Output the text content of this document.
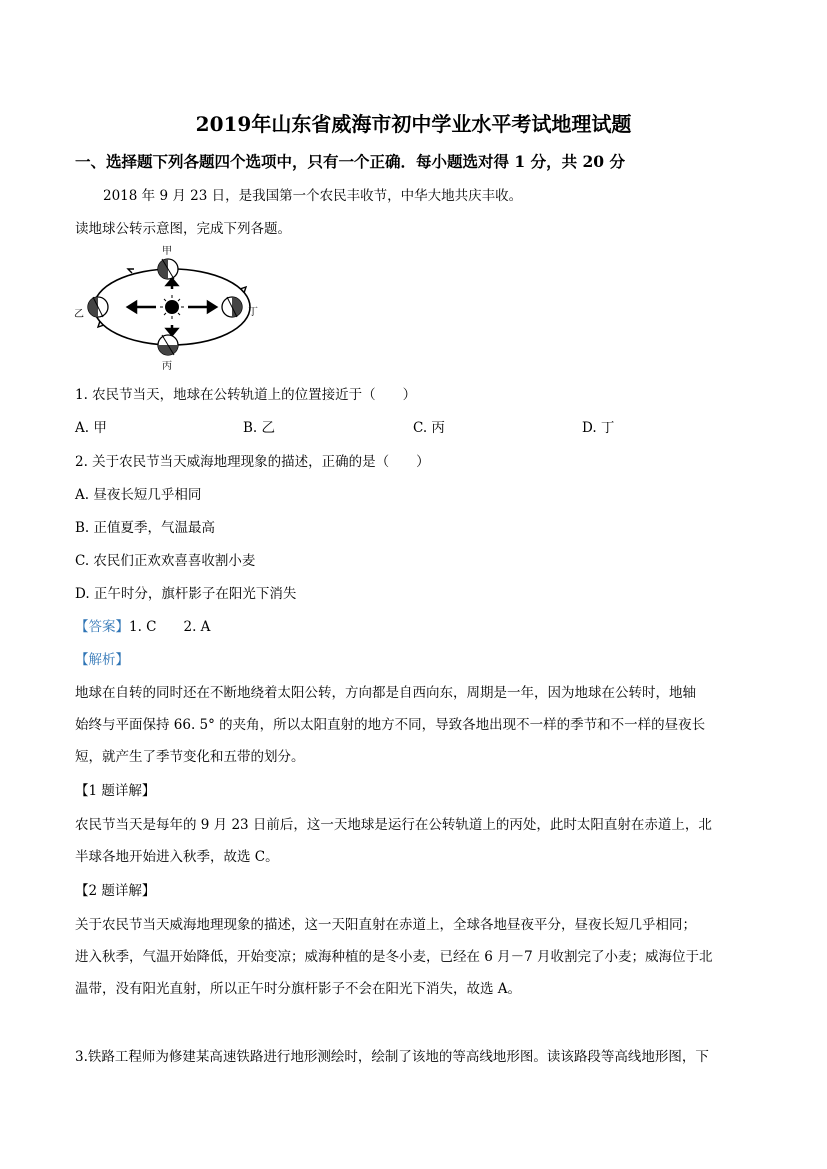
2019年山东省威海市初中学业水平考试地理试题
一、选择题下列各题四个选项中，只有一个正确．每小题选对得 1 分，共 20 分
2018 年 9 月 23 日，是我国第一个农民丰收节，中华大地共庆丰收。
读地球公转示意图，完成下列各题。
甲
乙
丙
丁
1. 农民节当天，地球在公转轨道上的位置接近于（　　）
A. 甲	B. 乙	C. 丙	D. 丁
2. 关于农民节当天威海地理现象的描述，正确的是（　　）
A. 昼夜长短几乎相同
B. 正值夏季，气温最高
C. 农民们正欢欢喜喜收割小麦
D. 正午时分，旗杆影子在阳光下消失
【答案】1. C　　2. A
【解析】
地球在自转的同时还在不断地绕着太阳公转，方向都是自西向东，周期是一年，因为地球在公转时，地轴
始终与平面保持 66. 5° 的夹角，所以太阳直射的地方不同，导致各地出现不一样的季节和不一样的昼夜长
短，就产生了季节变化和五带的划分。
【1 题详解】
农民节当天是每年的 9 月 23 日前后，这一天地球是运行在公转轨道上的丙处，此时太阳直射在赤道上，北
半球各地开始进入秋季，故选 C。
【2 题详解】
关于农民节当天威海地理现象的描述，这一天阳直射在赤道上，全球各地昼夜平分，昼夜长短几乎相同；
进入秋季，气温开始降低，开始变凉；威海种植的是冬小麦，已经在 6 月－7 月收割完了小麦；威海位于北
温带，没有阳光直射，所以正午时分旗杆影子不会在阳光下消失，故选 A。
3.铁路工程师为修建某高速铁路进行地形测绘时，绘制了该地的等高线地形图。读该路段等高线地形图，下
